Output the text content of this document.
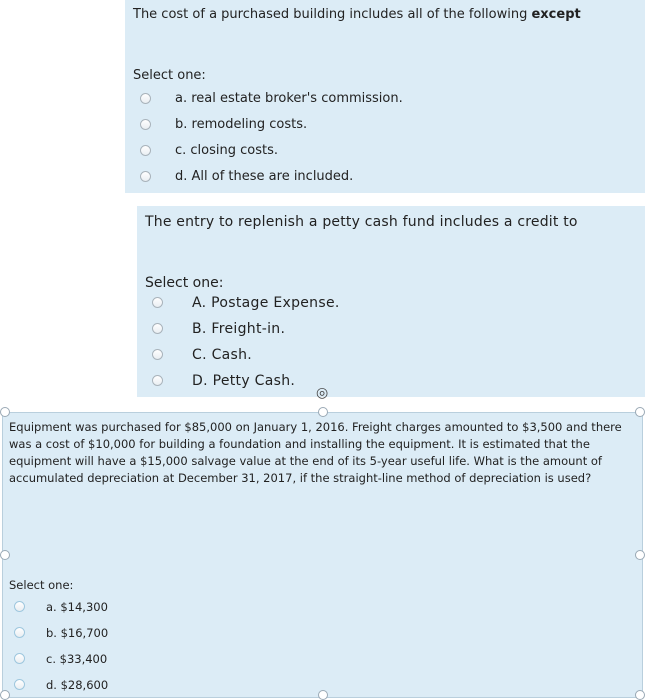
The cost of a purchased building includes all of the following except
Select one:
a. real estate broker's commission.
b. remodeling costs.
c. closing costs.
d. All of these are included.
The entry to replenish a petty cash fund includes a credit to
Select one:
A. Postage Expense.
B. Freight-in.
C. Cash.
D. Petty Cash.
◎
Equipment was purchased for $85,000 on January 1, 2016. Freight charges amounted to $3,500 and there was a cost of $10,000 for building a foundation and installing the equipment. It is estimated that the equipment will have a $15,000 salvage value at the end of its 5-year useful life. What is the amount of accumulated depreciation at December 31, 2017, if the straight-line method of depreciation is used?
Select one:
a. $14,300
b. $16,700
c. $33,400
d. $28,600
